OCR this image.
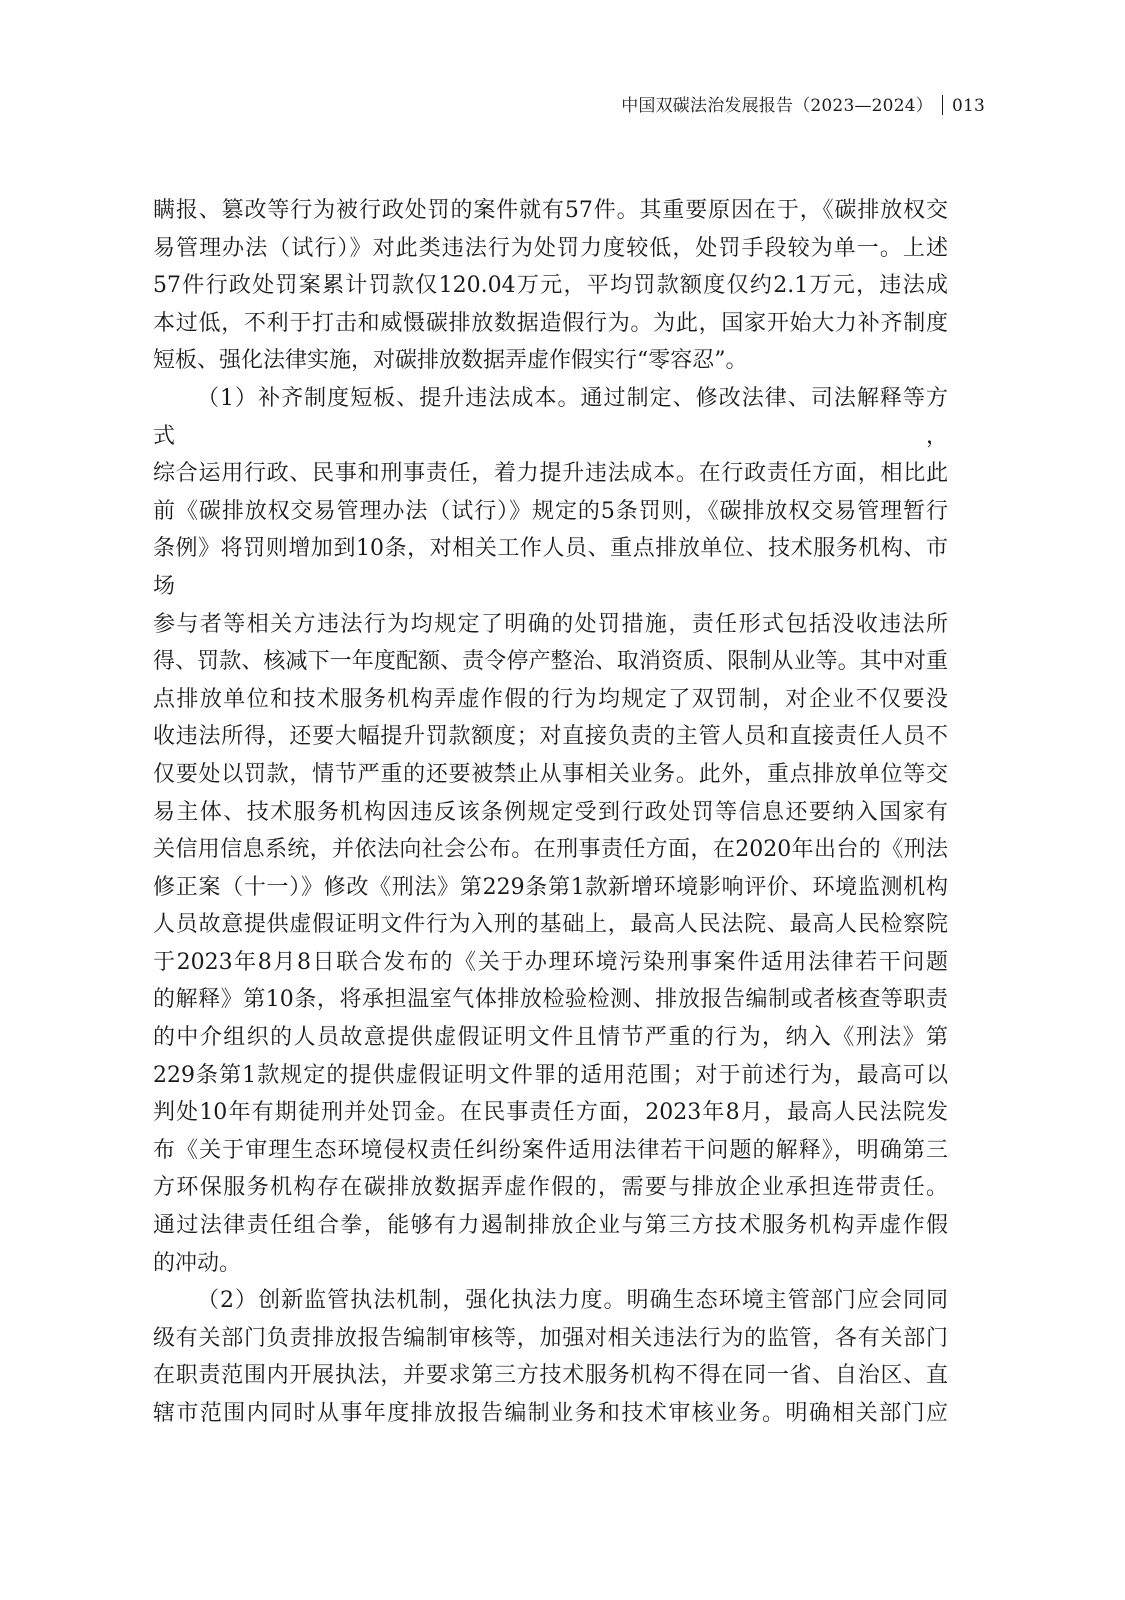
中国双碳法治发展报告（2023—2024） 013

瞒报、篡改等行为被行政处罚的案件就有57件。其重要原因在于，《碳排放权交

易管理办法（试行）》对此类违法行为处罚力度较低，处罚手段较为单一。上述

57件行政处罚案累计罚款仅120.04万元，平均罚款额度仅约2.1万元，违法成

本过低，不利于打击和威慑碳排放数据造假行为。为此，国家开始大力补齐制度

短板、强化法律实施，对碳排放数据弄虚作假实行“零容忍”。

（1）补齐制度短板、提升违法成本。通过制定、修改法律、司法解释等方式，

综合运用行政、民事和刑事责任，着力提升违法成本。在行政责任方面，相比此

前《碳排放权交易管理办法（试行）》规定的5条罚则，《碳排放权交易管理暂行

条例》将罚则增加到10条，对相关工作人员、重点排放单位、技术服务机构、市场

参与者等相关方违法行为均规定了明确的处罚措施，责任形式包括没收违法所

得、罚款、核减下一年度配额、责令停产整治、取消资质、限制从业等。其中对重

点排放单位和技术服务机构弄虚作假的行为均规定了双罚制，对企业不仅要没

收违法所得，还要大幅提升罚款额度；对直接负责的主管人员和直接责任人员不

仅要处以罚款，情节严重的还要被禁止从事相关业务。此外，重点排放单位等交

易主体、技术服务机构因违反该条例规定受到行政处罚等信息还要纳入国家有

关信用信息系统，并依法向社会公布。在刑事责任方面，在2020年出台的《刑法

修正案（十一）》修改《刑法》第229条第1款新增环境影响评价、环境监测机构

人员故意提供虚假证明文件行为入刑的基础上，最高人民法院、最高人民检察院

于2023年8月8日联合发布的《关于办理环境污染刑事案件适用法律若干问题

的解释》第10条，将承担温室气体排放检验检测、排放报告编制或者核查等职责

的中介组织的人员故意提供虚假证明文件且情节严重的行为，纳入《刑法》第

229条第1款规定的提供虚假证明文件罪的适用范围；对于前述行为，最高可以

判处10年有期徒刑并处罚金。在民事责任方面，2023年8月，最高人民法院发

布《关于审理生态环境侵权责任纠纷案件适用法律若干问题的解释》，明确第三

方环保服务机构存在碳排放数据弄虚作假的，需要与排放企业承担连带责任。

通过法律责任组合拳，能够有力遏制排放企业与第三方技术服务机构弄虚作假

的冲动。

（2）创新监管执法机制，强化执法力度。明确生态环境主管部门应会同同

级有关部门负责排放报告编制审核等，加强对相关违法行为的监管，各有关部门

在职责范围内开展执法，并要求第三方技术服务机构不得在同一省、自治区、直

辖市范围内同时从事年度排放报告编制业务和技术审核业务。明确相关部门应
